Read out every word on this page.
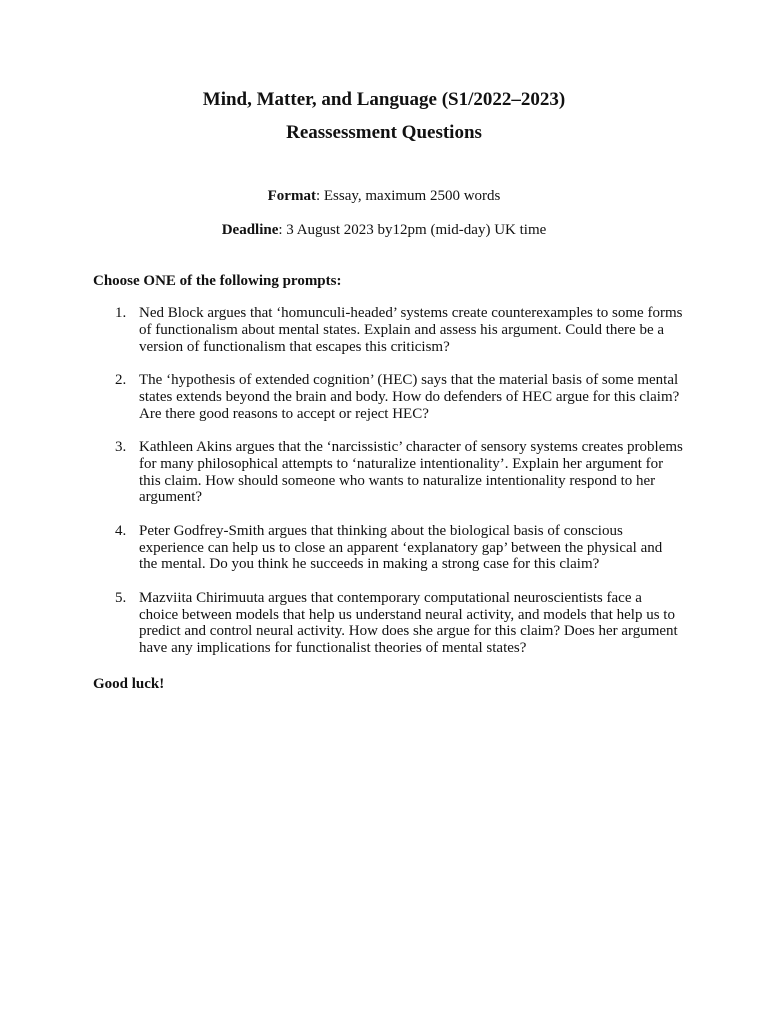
Mind, Matter, and Language (S1/2022–2023)
Reassessment Questions
Format: Essay, maximum 2500 words
Deadline: 3 August 2023 by12pm (mid-day) UK time
Choose ONE of the following prompts:
1. Ned Block argues that ‘homunculi-headed’ systems create counterexamples to some forms of functionalism about mental states. Explain and assess his argument. Could there be a version of functionalism that escapes this criticism?
2. The ‘hypothesis of extended cognition’ (HEC) says that the material basis of some mental states extends beyond the brain and body. How do defenders of HEC argue for this claim? Are there good reasons to accept or reject HEC?
3. Kathleen Akins argues that the ‘narcissistic’ character of sensory systems creates problems for many philosophical attempts to ‘naturalize intentionality’. Explain her argument for this claim. How should someone who wants to naturalize intentionality respond to her argument?
4. Peter Godfrey-Smith argues that thinking about the biological basis of conscious experience can help us to close an apparent ‘explanatory gap’ between the physical and the mental. Do you think he succeeds in making a strong case for this claim?
5. Mazviita Chirimuuta argues that contemporary computational neuroscientists face a choice between models that help us understand neural activity, and models that help us to predict and control neural activity. How does she argue for this claim? Does her argument have any implications for functionalist theories of mental states?
Good luck!
